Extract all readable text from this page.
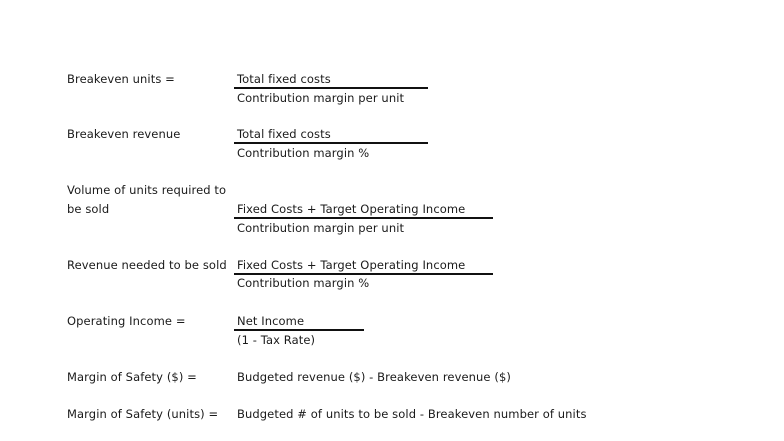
Breakeven units =	Total fixed costs
Contribution margin per unit
Breakeven revenue	Total fixed costs
Contribution margin %
Volume of units required to
be sold	Fixed Costs + Target Operating Income
Contribution margin per unit
Revenue needed to be sold Fixed Costs + Target Operating Income
Contribution margin %
Operating Income =	Net Income
(1 - Tax Rate)
Margin of Safety ($) =	Budgeted revenue ($) - Breakeven revenue ($)
Margin of Safety (units) = Budgeted # of units to be sold - Breakeven number of units
